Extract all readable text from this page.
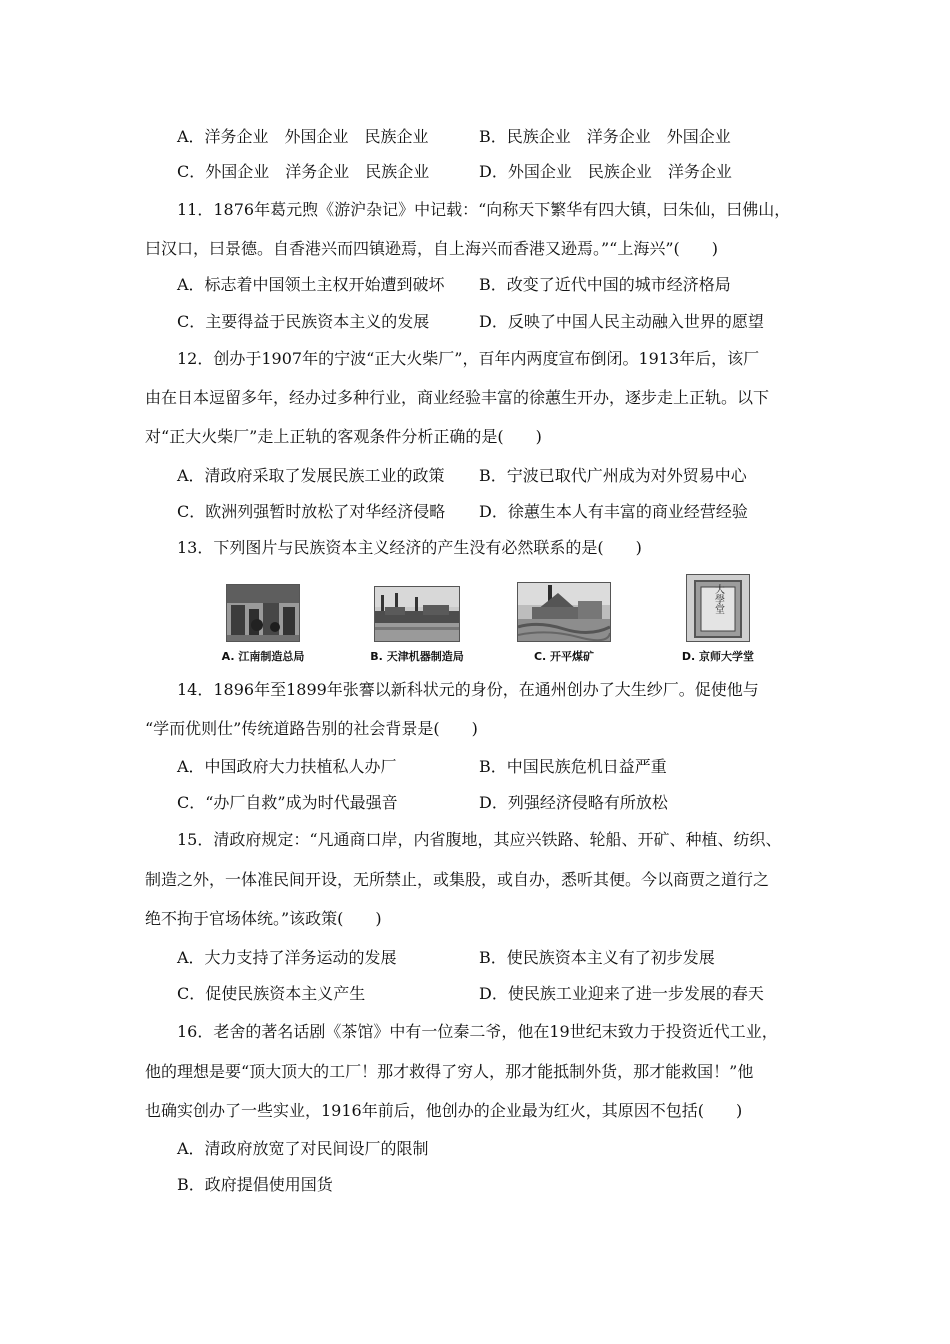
A．洋务企业　外国企业　民族企业	B．民族企业　洋务企业　外国企业
C．外国企业　洋务企业　民族企业	D．外国企业　民族企业　洋务企业
11．1876年葛元煦《游沪杂记》中记载：“向称天下繁华有四大镇，曰朱仙，曰佛山，
曰汉口，曰景德。自香港兴而四镇逊焉，自上海兴而香港又逊焉。”“上海兴”(　　)
A．标志着中国领土主权开始遭到破坏 B．改变了近代中国的城市经济格局
C．主要得益于民族资本主义的发展	D．反映了中国人民主动融入世界的愿望
12．创办于1907年的宁波“正大火柴厂”，百年内两度宣布倒闭。1913年后，该厂
由在日本逗留多年，经办过多种行业，商业经验丰富的徐蕙生开办，逐步走上正轨。以下
对“正大火柴厂”走上正轨的客观条件分析正确的是(　　)
A．清政府采取了发展民族工业的政策 B．宁波已取代广州成为对外贸易中心
C．欧洲列强暂时放松了对华经济侵略 D．徐蕙生本人有丰富的商业经营经验
13．下列图片与民族资本主义经济的产生没有必然联系的是(　　)
A. 江南制造总局	B. 天津机器制造局	C. 开平煤矿
大學堂
D. 京师大学堂
14．1896年至1899年张謇以新科状元的身份，在通州创办了大生纱厂。促使他与
“学而优则仕”传统道路告别的社会背景是(　　)
A．中国政府大力扶植私人办厂	B．中国民族危机日益严重
C．“办厂自救”成为时代最强音	D．列强经济侵略有所放松
15．清政府规定：“凡通商口岸，内省腹地，其应兴铁路、轮船、开矿、种植、纺织、
制造之外，一体准民间开设，无所禁止，或集股，或自办，悉听其便。今以商贾之道行之
绝不拘于官场体统。”该政策(　　)
A．大力支持了洋务运动的发展	B．使民族资本主义有了初步发展
C．促使民族资本主义产生	D．使民族工业迎来了进一步发展的春天
16．老舍的著名话剧《茶馆》中有一位秦二爷，他在19世纪末致力于投资近代工业，
他的理想是要“顶大顶大的工厂！那才救得了穷人，那才能抵制外货，那才能救国！”他
也确实创办了一些实业，1916年前后，他创办的企业最为红火，其原因不包括(　　)
A．清政府放宽了对民间设厂的限制
B．政府提倡使用国货
